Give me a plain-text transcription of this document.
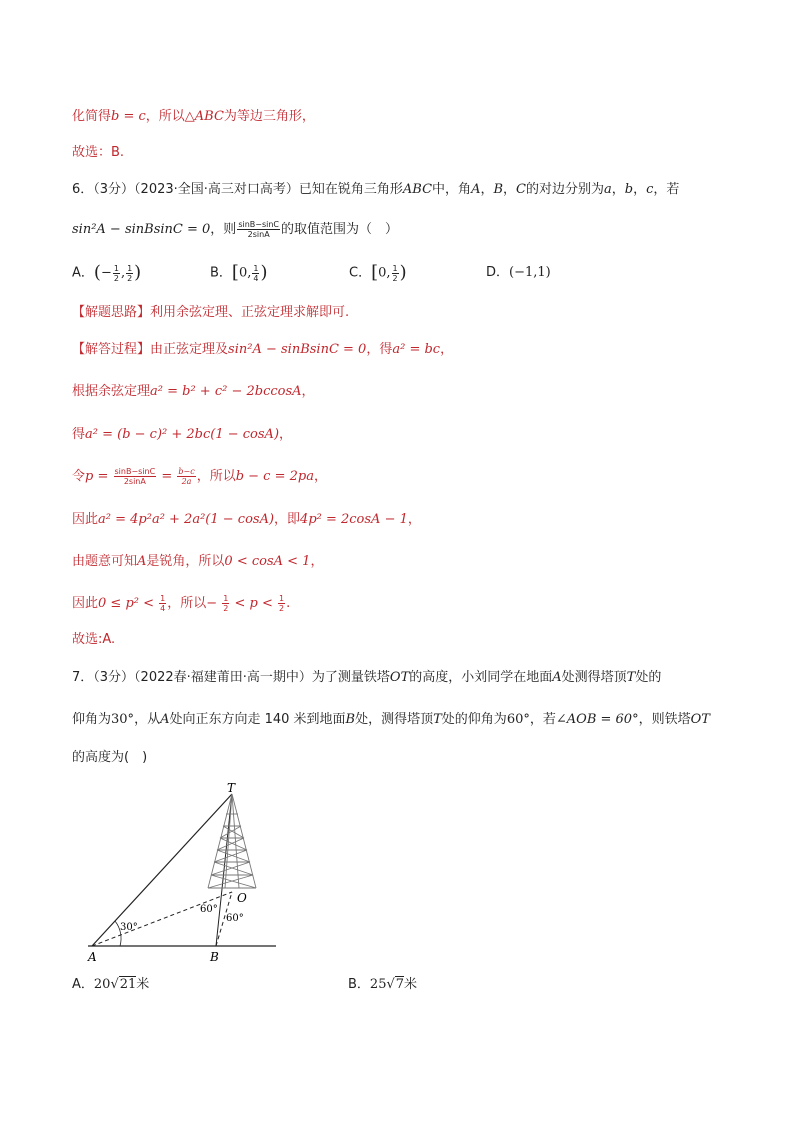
化简得b = c，所以△ABC为等边三角形，
故选：B.
6．（3分）（2023·全国·高三对口高考）已知在锐角三角形ABC中，角A，B，C的对边分别为a，b，c，若
sin²A − sinBsinC = 0，则 $\frac{\sin B-\sin C}{2\sin A}$ 的取值范围为（　）
A．(− $\frac{1}{2}$ , $\frac{1}{2}$ )	B．[0, $\frac{1}{4}$ )	C．[0, $\frac{1}{2}$ )	D．(−1,1)
【解题思路】利用余弦定理、正弦定理求解即可.
【解答过程】由正弦定理及sin²A − sinBsinC = 0，得a² = bc，
根据余弦定理a² = b² + c² − 2bccosA，
得a² = (b − c)² + 2bc(1 − cosA)，
令$p = \frac{\sin B-\sin C}{2\sin A} = \frac{b-c}{2a}$ ，所以b − c = 2pa，
因此a² = 4p²a² + 2a²(1 − cosA)，即4p² = 2cosA − 1，
由题意可知A是锐角，所以0 < cosA < 1，
因此$0 \le p^2 < \frac{1}{4}$ ，所以− $\frac{1}{2} < p < \frac{1}{2}$ .
故选:A.
7．（3分）（2022春·福建莆田·高一期中）为了测量铁塔OT的高度，小刘同学在地面A处测得塔顶T处的
仰角为30°，从A处向正东方向走 140 米到地面B处，测得塔顶T处的仰角为60°，若∠AOB = 60°，则铁塔OT
的高度为(　)
T
O
A	B
30°
60°
60°
A．20√21米	B．25√7米
